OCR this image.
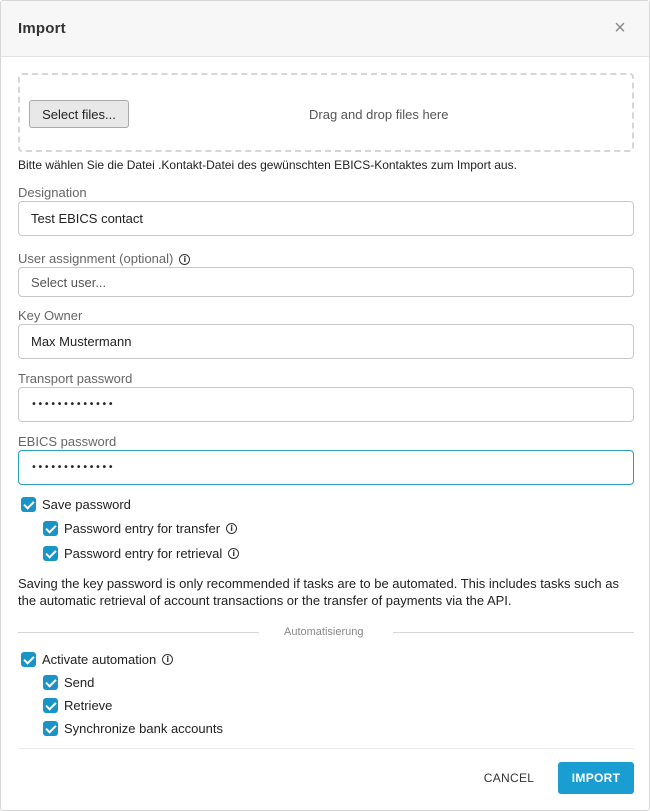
Import	×
Select files...	Drag and drop files here
Bitte wählen Sie die Datei .Kontakt-Datei des gewünschten EBICS-Kontaktes zum Import aus.
Designation
Test EBICS contact
User assignment (optional) i
Select user...
Key Owner
Max Mustermann
Transport password
•••••••••••••
EBICS password
•••••••••••••
Save password
Password entry for transfer	i
Password entry for retrieval	i
Saving the key password is only recommended if tasks are to be automated. This includes tasks such as the automatic retrieval of account transactions or the transfer of payments via the API.
Automatisierung
Activate automation	i
Send
Retrieve
Synchronize bank accounts
CANCEL	IMPORT
